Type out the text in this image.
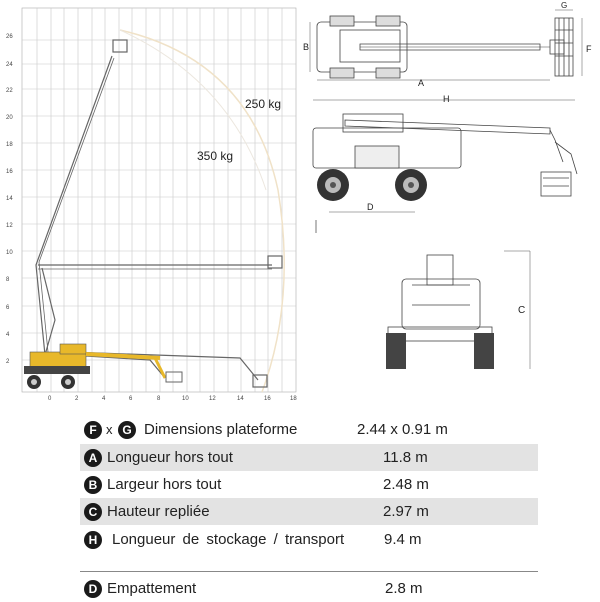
26
24
22
20
18
16
14
12
10
8
6
4
2
0	2	4	6	8	10	12	14	16	18
250 kg
350 kg
B
A
G
F
H
D
C
F x G Dimensions plateforme	2.44 x 0.91 m
A Longueur hors tout	11.8 m
B Largeur hors tout	2.48 m
C Hauteur repliée	2.97 m
H Longueur de stockage / transport	9.4 m
D Empattement	2.8 m
